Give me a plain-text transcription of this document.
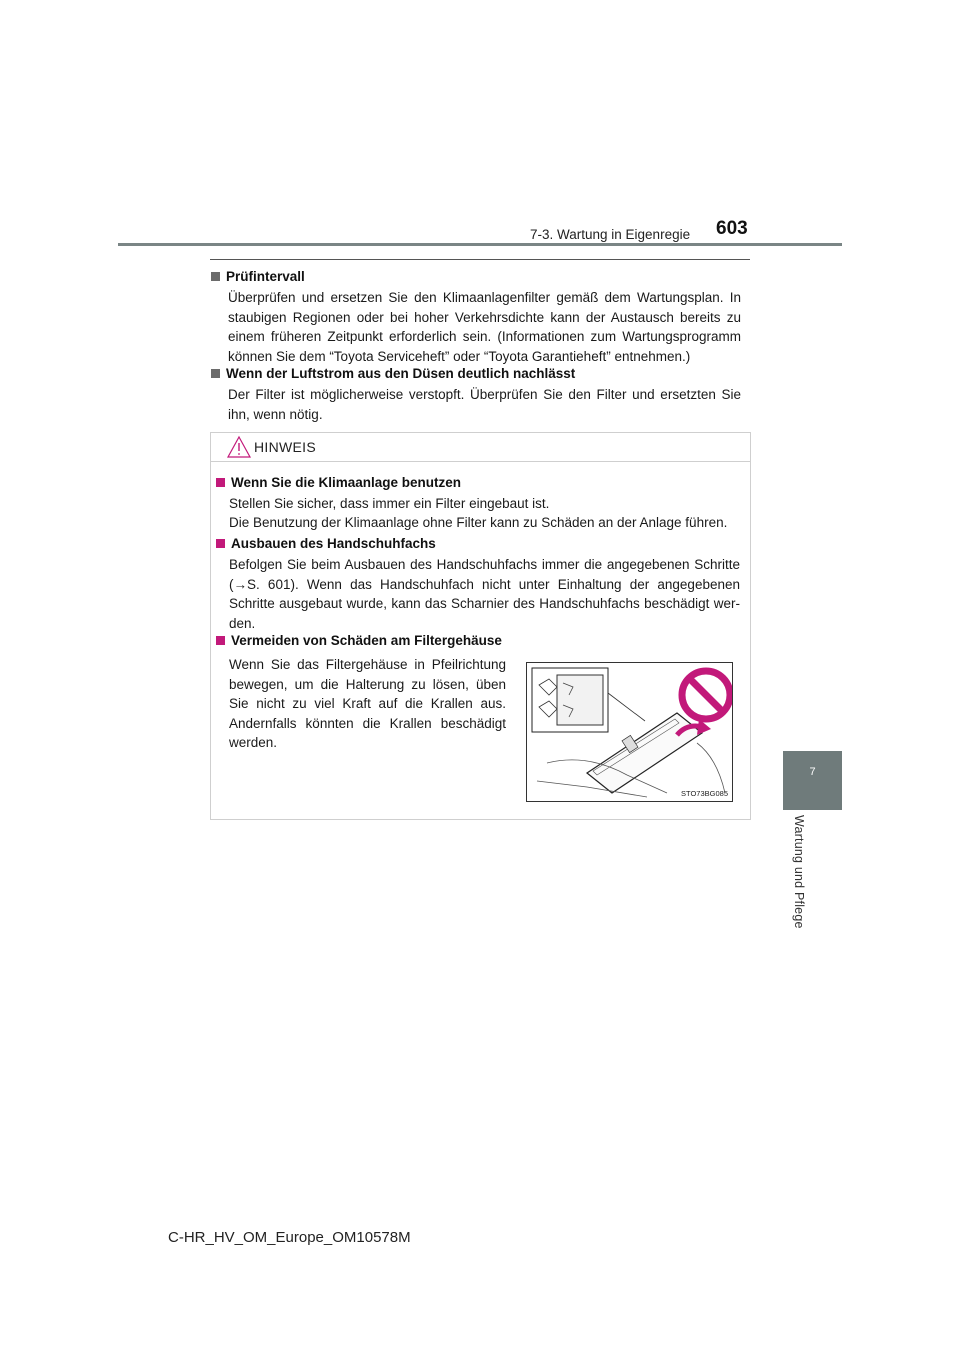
7-3. Wartung in Eigenregie 603
7
Wartung und Pflege
Prüfintervall
Überprüfen und ersetzen Sie den Klimaanlagenfilter gemäß dem Wartungsplan. In staubigen Regionen oder bei hoher Verkehrsdichte kann der Austausch bereits zu einem früheren Zeitpunkt erforderlich sein. (Informationen zum Wartungsprogramm können Sie dem “Toyota Serviceheft” oder “Toyota Garantieheft” entnehmen.)
Wenn der Luftstrom aus den Düsen deutlich nachlässt
Der Filter ist möglicherweise verstopft. Überprüfen Sie den Filter und ersetzten Sie ihn, wenn nötig.
HINWEIS
Wenn Sie die Klimaanlage benutzen
Stellen Sie sicher, dass immer ein Filter eingebaut ist.
Die Benutzung der Klimaanlage ohne Filter kann zu Schäden an der Anlage führen.
Ausbauen des Handschuhfachs
Befolgen Sie beim Ausbauen des Handschuhfachs immer die angegebenen Schritte (→S. 601). Wenn das Handschuhfach nicht unter Einhaltung der angegebenen Schritte ausgebaut wurde, kann das Scharnier des Handschuhfachs beschädigt wer-den.
Vermeiden von Schäden am Filtergehäuse
Wenn Sie das Filtergehäuse in Pfeilrichtung bewegen, um die Halterung zu lösen, üben Sie nicht zu viel Kraft auf die Krallen aus. Andernfalls könnten die Krallen beschädigt werden.
STO73BG085
C-HR_HV_OM_Europe_OM10578M
